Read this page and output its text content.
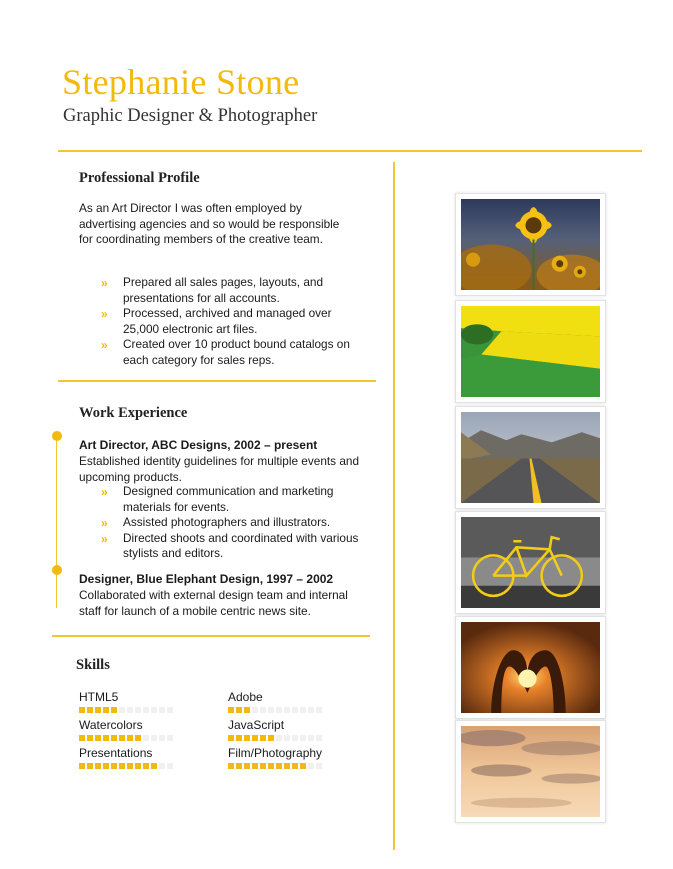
Stephanie Stone
Graphic Designer & Photographer
Professional Profile

As an Art Director I was often employed by advertising agencies and so would be responsible for coordinating members of the creative team.

» Prepared all sales pages, layouts, and presentations for all accounts.
» Processed, archived and managed over 25,000 electronic art files.
» Created over 10 product bound catalogs on each category for sales reps.
Work Experience
Art Director, ABC Designs, 2002 – present

Established identity guidelines for multiple events and upcoming products.

» Designed communication and marketing materials for events.
» Assisted photographers and illustrators.
» Directed shoots and coordinated with various stylists and editors.
Designer, Blue Elephant Design, 1997 – 2002

Collaborated with external design team and internal staff for launch of a mobile centric news site.

Skills
HTML5	Adobe
Watercolors	JavaScript
Presentations	Film/Photography
